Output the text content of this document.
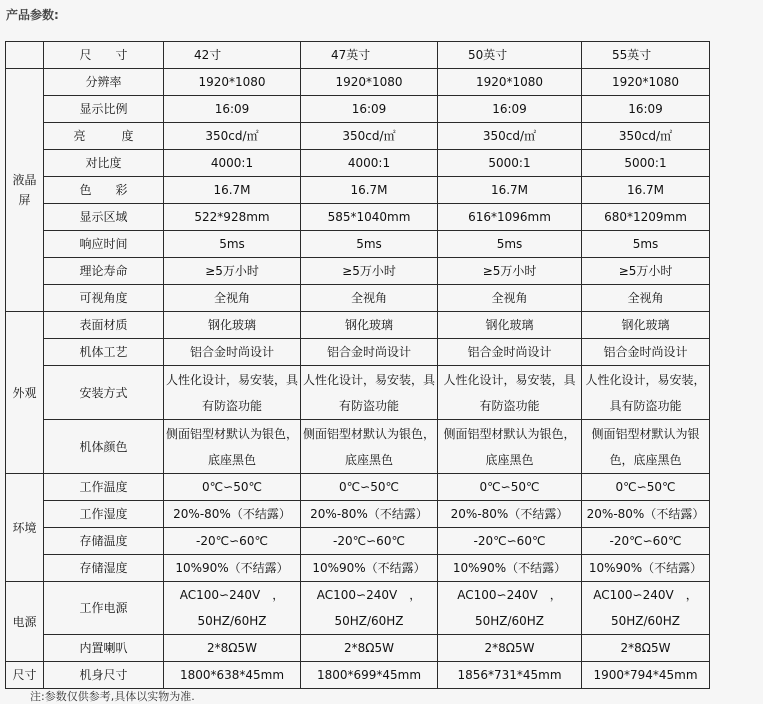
产品参数:
	尺　　寸	42寸	47英寸	50英寸	55英寸
液晶屏	分辨率	1920*1080	1920*1080	1920*1080	1920*1080
	显示比例	16:09	16:09	16:09	16:09
	亮　　　度	350cd/㎡	350cd/㎡	350cd/㎡	350cd/㎡
	对比度	4000:1	4000:1	5000:1	5000:1
	色　　彩	16.7M	16.7M	16.7M	16.7M
	显示区域	522*928mm	585*1040mm	616*1096mm	680*1209mm
	响应时间	5ms	5ms	5ms	5ms
	理论寿命	≥5万小时	≥5万小时	≥5万小时	≥5万小时
	可视角度	全视角	全视角	全视角	全视角
外观	表面材质	钢化玻璃	钢化玻璃	钢化玻璃	钢化玻璃
	机体工艺	铝合金时尚设计	铝合金时尚设计	铝合金时尚设计	铝合金时尚设计
	安装方式	人性化设计，易安装，具有防盗功能	人性化设计，易安装，具有防盗功能	人性化设计，易安装，具有防盗功能	人性化设计，易安装，具有防盗功能
	机体颜色	侧面铝型材默认为银色，底座黑色	侧面铝型材默认为银色，底座黑色	侧面铝型材默认为银色，底座黑色	侧面铝型材默认为银色，底座黑色
环境	工作温度	0℃∽50℃	0℃∽50℃	0℃∽50℃	0℃∽50℃
	工作湿度	20%-80%（不结露）	20%-80%（不结露）	20%-80%（不结露）	20%-80%（不结露）
	存储温度	-20℃∽60℃	-20℃∽60℃	-20℃∽60℃	-20℃∽60℃
	存储湿度	10%90%（不结露）	10%90%（不结露）	10%90%（不结露）	10%90%（不结露）
电源	工作电源	AC100∽240V　，50HZ/60HZ	AC100∽240V　，50HZ/60HZ	AC100∽240V　，50HZ/60HZ	AC100∽240V　，50HZ/60HZ
	内置喇叭	2*8Ω5W	2*8Ω5W	2*8Ω5W	2*8Ω5W
尺寸	机身尺寸	1800*638*45mm	1800*699*45mm	1856*731*45mm	1900*794*45mm
注:参数仅供参考,具体以实物为准.
